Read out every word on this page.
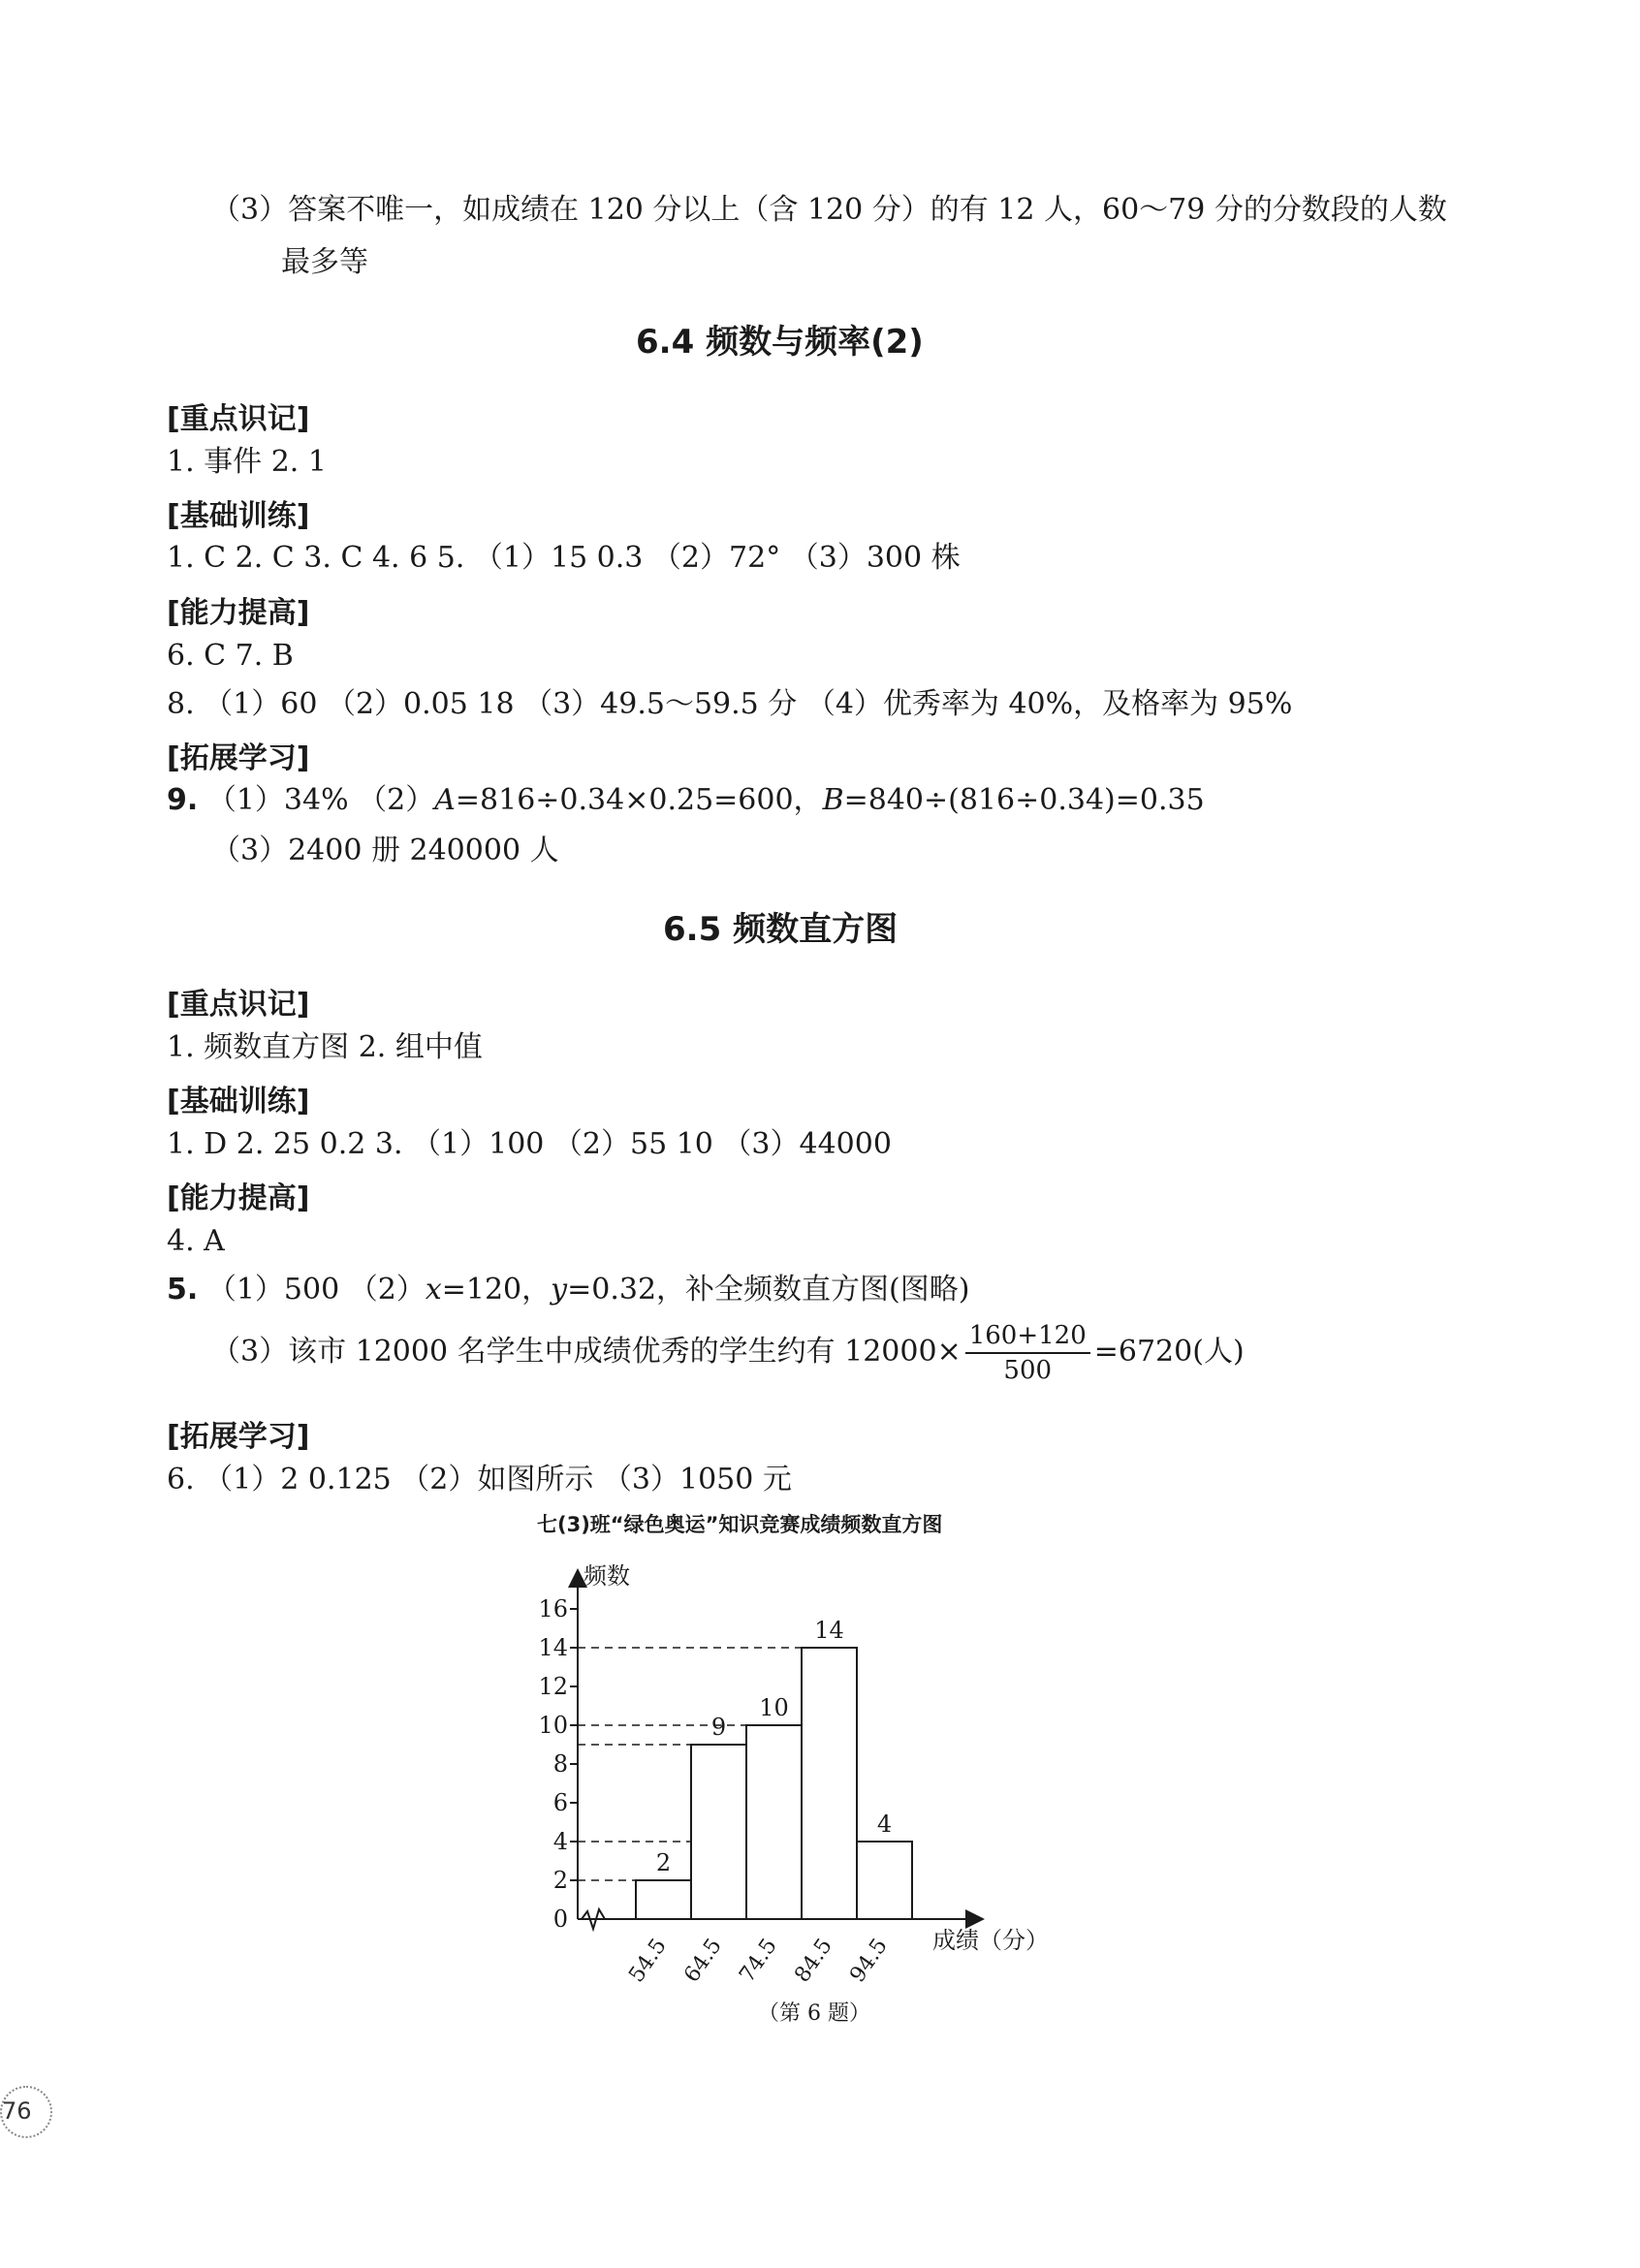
（3）答案不唯一，如成绩在 120 分以上（含 120 分）的有 12 人，60～79 分的分数段的人数
最多等
6.4 频数与频率(2)
[重点识记]
1. 事件 2. 1
[基础训练]
1. C 2. C 3. C 4. 6 5. （1）15 0.3 （2）72° （3）300 株
[能力提高]
6. C 7. B
8. （1）60 （2）0.05 18 （3）49.5～59.5 分 （4）优秀率为 40%，及格率为 95%
[拓展学习]
9. （1）34% （2）A=816÷0.34×0.25=600，B=840÷(816÷0.34)=0.35
（3）2400 册 240000 人
6.5 频数直方图
[重点识记]
1. 频数直方图 2. 组中值
[基础训练]
1. D 2. 25 0.2 3. （1）100 （2）55 10 （3）44000
[能力提高]
4. A
5. （1）500 （2）x=120，y=0.32，补全频数直方图(图略)
（3）该市 12000 名学生中成绩优秀的学生约有 $12000\times \frac{160+120}{500} =6720$(人)
[拓展学习]
6. （1）2 0.125 （2）如图所示 （3）1050 元
七(3)班“绿色奥运”知识竞赛成绩频数直方图
频数
成绩（分）
0
2
4
6
8
10
12
14
16
2
9
10
14
4
54.5 64.5 74.5 84.5 94.5
（第 6 题）
76
